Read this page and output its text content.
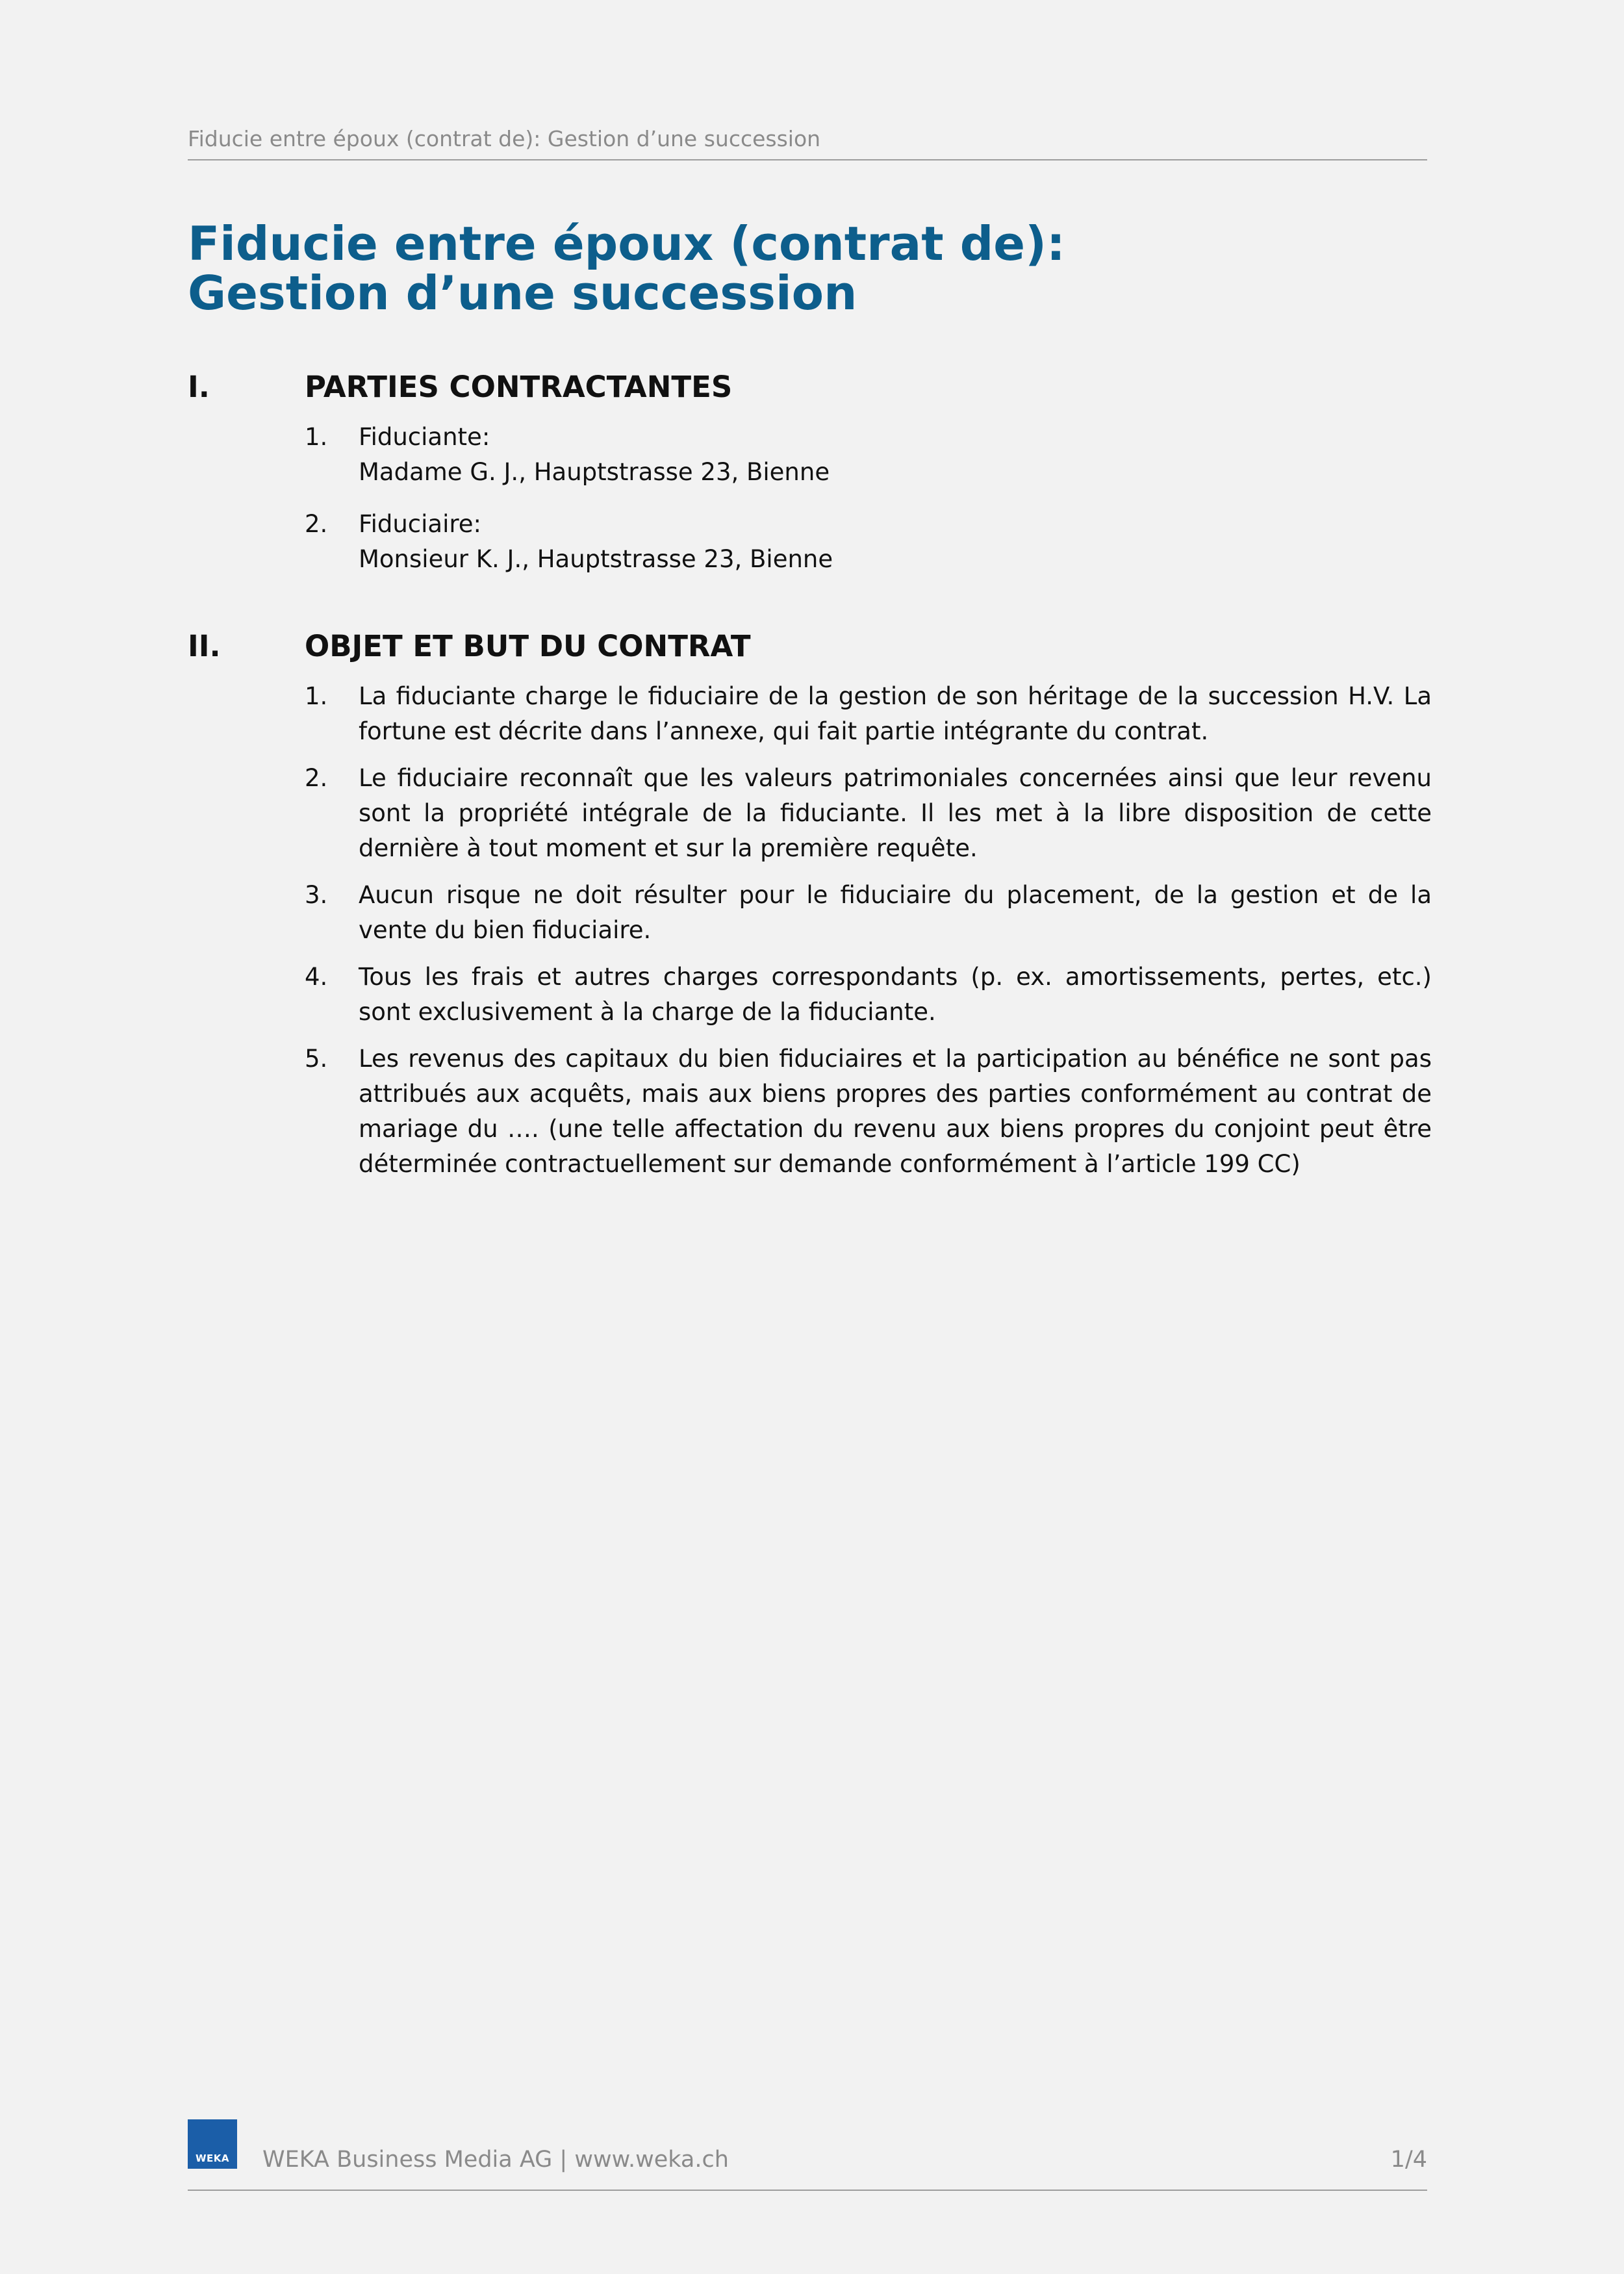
Fiducie entre époux (contrat de): Gestion d’une succession
Fiducie entre époux (contrat de):
Gestion d’une succession
I.	PARTIES CONTRACTANTES
1. Fiduciante:
Madame G. J., Hauptstrasse 23, Bienne
2. Fiduciaire:
Monsieur K. J., Hauptstrasse 23, Bienne
II.	OBJET ET BUT DU CONTRAT
1. La fiduciante charge le fiduciaire de la gestion de son héritage de la succession H.V. La fortune est décrite dans l’annexe, qui fait partie intégrante du contrat.
2. Le fiduciaire reconnaît que les valeurs patrimoniales concernées ainsi que leur revenu sont la propriété intégrale de la fiduciante. Il les met à la libre disposition de cette dernière à tout moment et sur la première requête.
3. Aucun risque ne doit résulter pour le fiduciaire du placement, de la gestion et de la vente du bien fiduciaire.
4. Tous les frais et autres charges correspondants (p. ex. amortissements, pertes, etc.) sont exclusivement à la charge de la fiduciante.
5. Les revenus des capitaux du bien fiduciaires et la participation au bénéfice ne sont pas attribués aux acquêts, mais aux biens propres des parties conformément au contrat de mariage du …. (une telle affectation du revenu aux biens propres du conjoint peut être déterminée contractuellement sur demande conformément à l’article 199 CC)
WEKA WEKA Business Media AG | www.weka.ch	1/4
